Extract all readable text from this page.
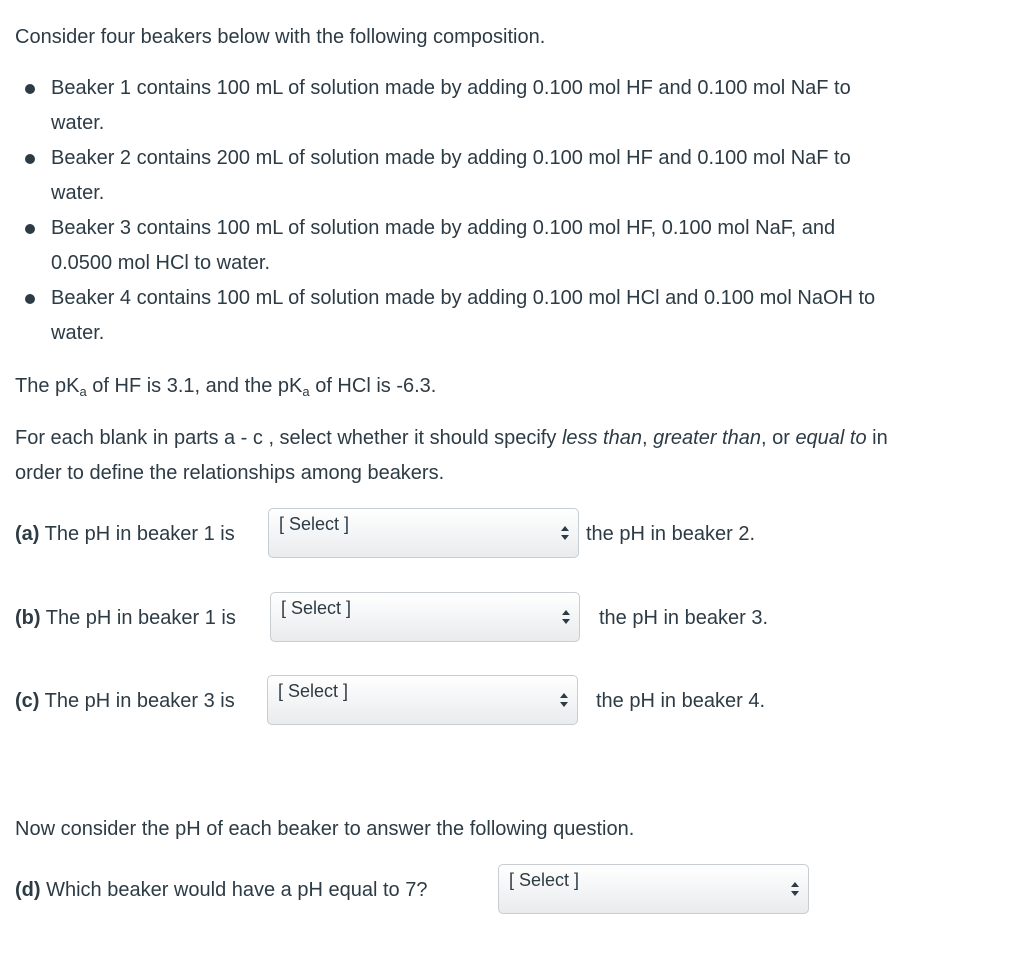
Consider four beakers below with the following composition.

Beaker 1 contains 100 mL of solution made by adding 0.100 mol HF and 0.100 mol NaF to
water.
Beaker 2 contains 200 mL of solution made by adding 0.100 mol HF and 0.100 mol NaF to
water.
Beaker 3 contains 100 mL of solution made by adding 0.100 mol HF, 0.100 mol NaF, and
0.0500 mol HCl to water.
Beaker 4 contains 100 mL of solution made by adding 0.100 mol HCl and 0.100 mol NaOH to
water.

The $pK_a$ of HF is 3.1, and the $pK_a$ of HCl is -6.3.

For each blank in parts a - c , select whether it should specify less than, greater than, or equal to in
order to define the relationships among beakers.

(a) The pH in beaker 1 is [ Select ]	the pH in beaker 2.
(b) The pH in beaker 1 is	[ Select ]	the pH in beaker 3.
(c) The pH in beaker 3 is [ Select ]	the pH in beaker 4.

Now consider the pH of each beaker to answer the following question.

(d) Which beaker would have a pH equal to 7?	[ Select ]
